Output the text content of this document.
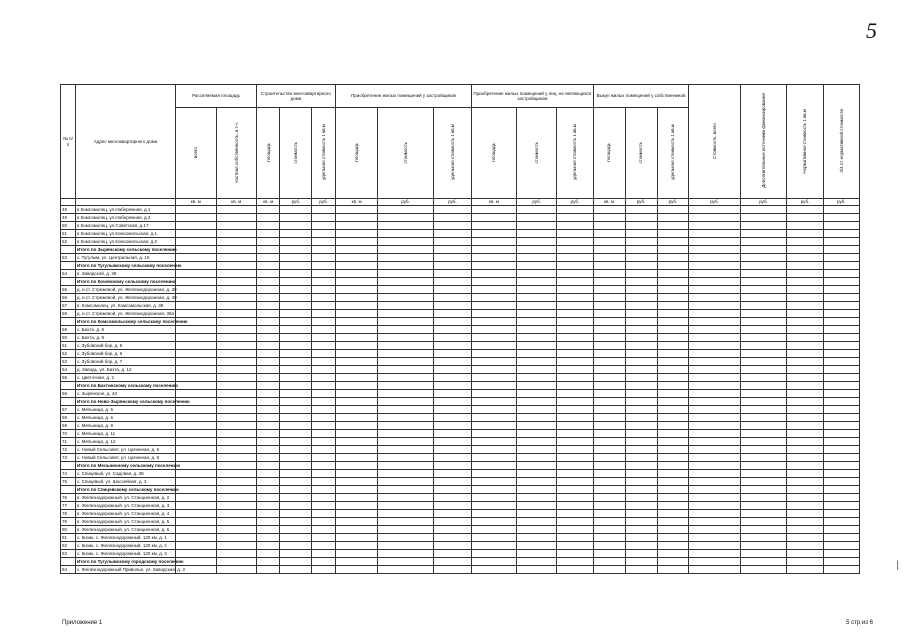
5
№ п/п	Адрес многоквартирного дома	Расселяемая площадь		Строительство многоквартирного дома			Приобретение жилых помещений у застройщиков			Приобретение жилых помещений у лиц, не являющихся застройщиком			Выкуп жилых помещений у собственников			Стоимость, всего	Дополнительные источники финансирования	Нормативная стоимость 1 кв.м	3/4 от нормативной стоимости
		всего	частная собственность, в т.ч.	площадь	стоимость	удельная стоимость 1 кв.м	площадь	стоимость	удельная стоимость 1 кв.м	площадь	стоимость	удельная стоимость 1 кв.м	площадь	стоимость	удельная стоимость 1 кв.м				
		кв. м	кв. м	кв. м	руб.	руб.	кв. м	руб.	руб.	кв. м	руб.	руб.	кв. м	руб.	руб.	руб.	руб.	руб.	руб.
48	п.Комсомолец, ул.Набережная, д.1																		
49	п.Комсомолец, ул.Набережная, д.3																		
50	п.Комсомолец, ул.Советская, д.17																		
51	п.Комсомолец, ул.Комсомольская, д.1																		
52	п.Комсомолец, ул.Комсомольская, д.2																		
	Итого по Зырянскому сельскому поселению																		
53	с. Тугулым, ул. Центральная, д. 10																		
	Итого по Тугулымскому сельскому поселению																		
54	п. Заводской, д. 38																		
	Итого по Кочевскому сельскому поселению																		
55	д. н.ст. Стрежевой, ул. Железнодорожная, д. 39																		
56	д. н.ст. Стрежевой, ул. Железнодорожная, д. 40																		
57	п. Комсомолец, ул. Комсомольская, д. 38																		
58	д. н.ст. Стрежевой, ул. Железнодорожная, 38а																		
	Итого по Комсомольскому сельскому поселению																		
59	с. Бахта, д. 8																		
60	с. Бахта, д. 9																		
61	с. Зубовский бор, д. 5																		
62	с. Зубовский бор, д. 6																		
63	с. Зубовский бор, д. 7																		
64	д. Заводь, ул. Бахта, д. 12																		
65	с. Цветочная, д. 2																		
	Итого по Бахтинскому сельскому поселению																		
66	с. Зырянское, д. 43																		
	Итого по Ново-Зырянскому сельскому поселению																		
67	с. Мельница, д. 5																		
68	с. Мельница, д. 6																		
69	с. Мельница, д. 9																		
70	с. Мельница, д. 11																		
71	с. Мельница, д. 12																		
72	с. Новый Сельсовет, ул. Целинная, д. 6																		
73	с. Новый Сельсовет, ул. Целинная, д. 8																		
	Итого по Мельничному сельскому поселению																		
74	с. Спицевый, ул. Садовая, д. 38																		
75	с. Спицевый, ул. Шоссейная, д. 3																		
	Итого по Спицевскому сельскому поселению																		
76	п. Железнодорожный, ул. Станционная, д. 2																		
77	п. Железнодорожный, ул. Станционная, д. 3																		
78	п. Железнодорожный, ул. Станционная, д. 4																		
79	п. Железнодорожный, ул. Станционная, д. 5																		
80	п. Железнодорожный, ул. Станционная, д. 6																		
81	с. Кизак, с. Железнодорожный, 120 км, д. 1																		
82	с. Кизак, с. Железнодорожный, 120 км, д. 2																		
83	с. Кизак, с. Железнодорожный, 120 км, д. 3																		
	Итого по Тугулымскому городскому поселению																		
84	с. Железнодорожный Приволье, ул. Заводская, д. 3																		
Приложение 1	5 стр из 6
|
